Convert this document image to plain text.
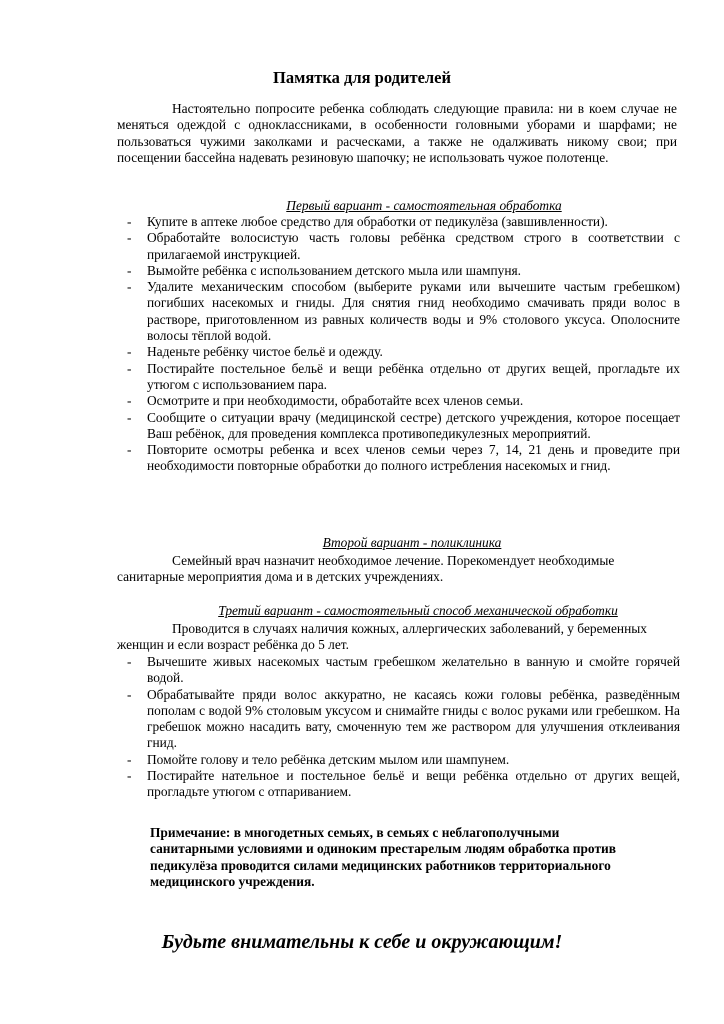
Памятка для родителей

Настоятельно попросите ребенка соблюдать следующие правила: ни в коем случае не меняться одеждой с одноклассниками, в особенности головными уборами и шарфами; не пользоваться чужими заколками и расческами, а также не одалживать никому свои; при посещении бассейна надевать резиновую шапочку; не использовать чужое полотенце.

Первый вариант - самостоятельная обработка
- Купите в аптеке любое средство для обработки от педикулёза (завшивленности).
- Обработайте волосистую часть головы ребёнка средством строго в соответствии с прилагаемой инструкцией.
- Вымойте ребёнка с использованием детского мыла или шампуня.
- Удалите механическим способом (выберите руками или вычешите частым гребешком) погибших насекомых и гниды. Для снятия гнид необходимо смачивать пряди волос в растворе, приготовленном из равных количеств воды и 9% столового уксуса. Ополосните волосы тёплой водой.
- Наденьте ребёнку чистое бельё и одежду.
- Постирайте постельное бельё и вещи ребёнка отдельно от других вещей, прогладьте их утюгом с использованием пара.
- Осмотрите и при необходимости, обработайте всех членов семьи.
- Сообщите о ситуации врачу (медицинской сестре) детского учреждения, которое посещает Ваш ребёнок, для проведения комплекса противопедикулезных мероприятий.
- Повторите осмотры ребенка и всех членов семьи через 7, 14, 21 день и проведите при необходимости повторные обработки до полного истребления насекомых и гнид.
Второй вариант - поликлиника

Семейный врач назначит необходимое лечение. Порекомендует необходимые санитарные мероприятия дома и в детских учреждениях.

Третий вариант - самостоятельный способ механической обработки

Проводится в случаях наличия кожных, аллергических заболеваний, у беременных женщин и если возраст ребёнка до 5 лет.

- Вычешите живых насекомых частым гребешком желательно в ванную и смойте горячей водой.
- Обрабатывайте пряди волос аккуратно, не касаясь кожи головы ребёнка, разведённым пополам с водой 9% столовым уксусом и снимайте гниды с волос руками или гребешком. На гребешок можно насадить вату, смоченную тем же раствором для улучшения отклеивания гнид.
- Помойте голову и тело ребёнка детским мылом или шампунем.
- Постирайте нательное и постельное бельё и вещи ребёнка отдельно от других вещей, прогладьте утюгом с отпариванием.

Примечание: в многодетных семьях, в семьях с неблагополучными санитарными условиями и одиноким престарелым людям обработка против педикулёза проводится силами медицинских работников территориального медицинского учреждения.

Будьте внимательны к себе и окружающим!
